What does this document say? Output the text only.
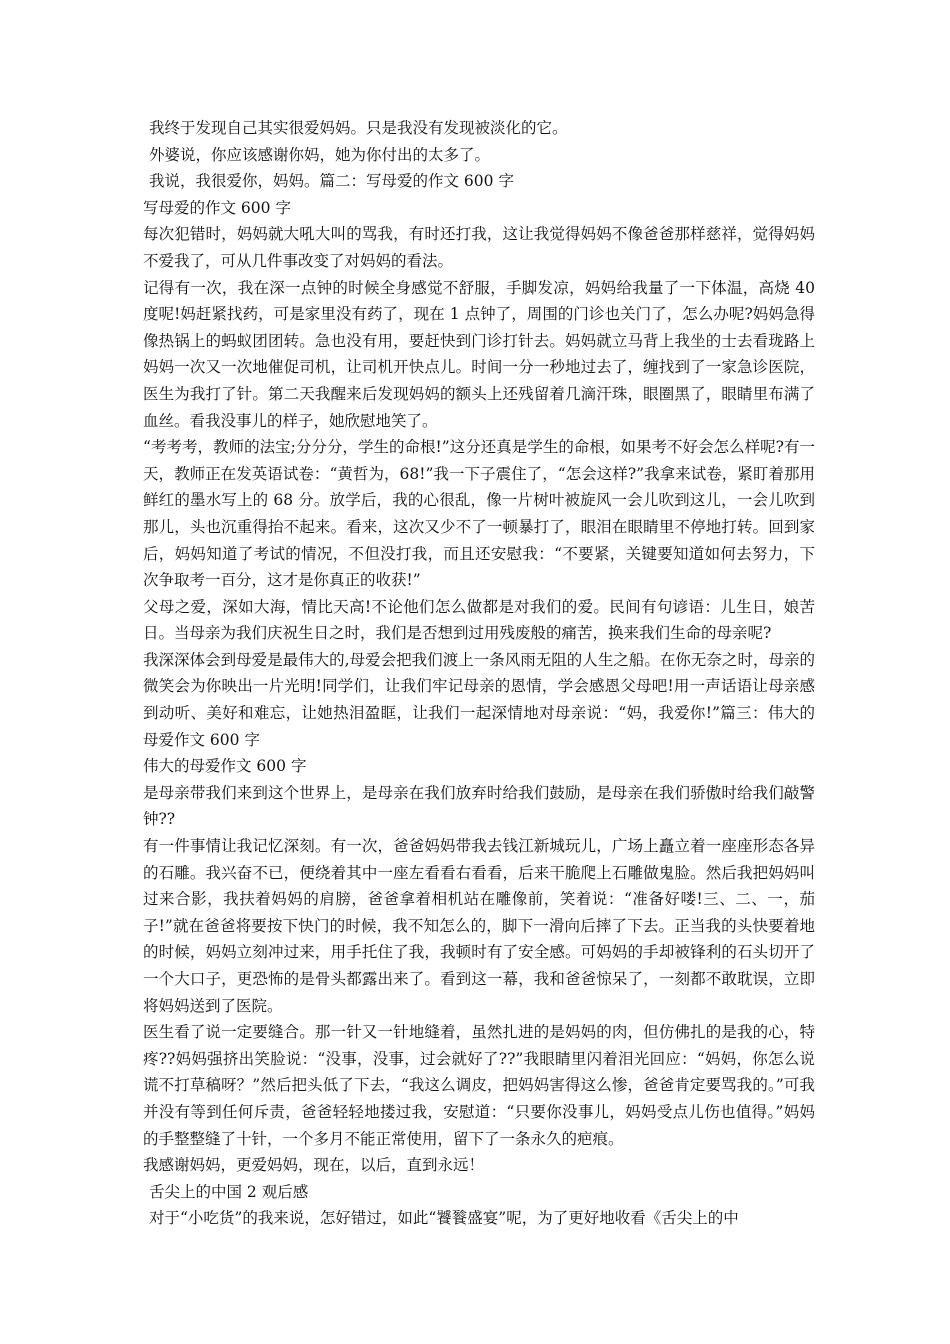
我终于发现自己其实很爱妈妈。只是我没有发现被淡化的它。

外婆说，你应该感谢你妈，她为你付出的太多了。

我说，我很爱你，妈妈。篇二：写母爱的作文 600 字

写母爱的作文 600 字

每次犯错时，妈妈就大吼大叫的骂我，有时还打我，这让我觉得妈妈不像爸爸那样慈祥，觉得妈妈不爱我了，可从几件事改变了对妈妈的看法。

记得有一次，我在深一点钟的时候全身感觉不舒服，手脚发凉，妈妈给我量了一下体温，高烧 40 度呢!妈赶紧找药，可是家里没有药了，现在 1 点钟了，周围的门诊也关门了，怎么办呢?妈妈急得像热锅上的蚂蚁团团转。急也没有用，要赶快到门诊打针去。妈妈就立马背上我坐的士去看珑路上妈妈一次又一次地催促司机，让司机开快点儿。时间一分一秒地过去了，缠找到了一家急诊医院，医生为我打了针。第二天我醒来后发现妈妈的额头上还残留着几滴汗珠，眼圈黑了，眼睛里布满了血丝。看我没事儿的样子，她欣慰地笑了。

“考考考，教师的法宝;分分分，学生的命根!”这分还真是学生的命根，如果考不好会怎么样呢?有一天，教师正在发英语试卷：“黄哲为，68!”我一下子震住了，“怎会这样?”我拿来试卷，紧盯着那用鲜红的墨水写上的 68 分。放学后，我的心很乱，像一片树叶被旋风一会儿吹到这儿，一会儿吹到那儿，头也沉重得抬不起来。看来，这次又少不了一顿暴打了，眼泪在眼睛里不停地打转。回到家后，妈妈知道了考试的情况，不但没打我，而且还安慰我：“不要紧，关键要知道如何去努力，下次争取考一百分，这才是你真正的收获!”

父母之爱，深如大海，情比天高!不论他们怎么做都是对我们的爱。民间有句谚语：儿生日，娘苦日。当母亲为我们庆祝生日之时，我们是否想到过用残废般的痛苦，换来我们生命的母亲呢?

我深深体会到母爱是最伟大的,母爱会把我们渡上一条风雨无阻的人生之船。在你无奈之时，母亲的微笑会为你映出一片光明!同学们，让我们牢记母亲的恩情，学会感恩父母吧!用一声话语让母亲感到动听、美好和难忘，让她热泪盈眶，让我们一起深情地对母亲说：“妈，我爱你!”篇三：伟大的母爱作文 600 字

伟大的母爱作文 600 字

是母亲带我们来到这个世界上，是母亲在我们放弃时给我们鼓励，是母亲在我们骄傲时给我们敲警钟??

有一件事情让我记忆深刻。有一次，爸爸妈妈带我去钱江新城玩儿，广场上矗立着一座座形态各异的石雕。我兴奋不已，便绕着其中一座左看看右看看，后来干脆爬上石雕做鬼脸。然后我把妈妈叫过来合影，我扶着妈妈的肩膀，爸爸拿着相机站在雕像前，笑着说：“准备好喽!三、二、一，茄子!”就在爸爸将要按下快门的时候，我不知怎么的，脚下一滑向后摔了下去。正当我的头快要着地的时候，妈妈立刻冲过来，用手托住了我，我顿时有了安全感。可妈妈的手却被锋利的石头切开了一个大口子，更恐怖的是骨头都露出来了。看到这一幕，我和爸爸惊呆了，一刻都不敢耽误，立即将妈妈送到了医院。

医生看了说一定要缝合。那一针又一针地缝着，虽然扎进的是妈妈的肉，但仿佛扎的是我的心，特疼??妈妈强挤出笑脸说：“没事，没事，过会就好了??”我眼睛里闪着泪光回应：“妈妈，你怎么说谎不打草稿呀？”然后把头低了下去，“我这么调皮，把妈妈害得这么惨，爸爸肯定要骂我的。”可我并没有等到任何斥责，爸爸轻轻地搂过我，安慰道：“只要你没事儿，妈妈受点儿伤也值得。”妈妈的手整整缝了十针，一个多月不能正常使用，留下了一条永久的疤痕。

我感谢妈妈，更爱妈妈，现在，以后，直到永远！

舌尖上的中国 2 观后感

对于“小吃货”的我来说，怎好错过，如此“饕餮盛宴”呢，为了更好地收看《舌尖上的中
